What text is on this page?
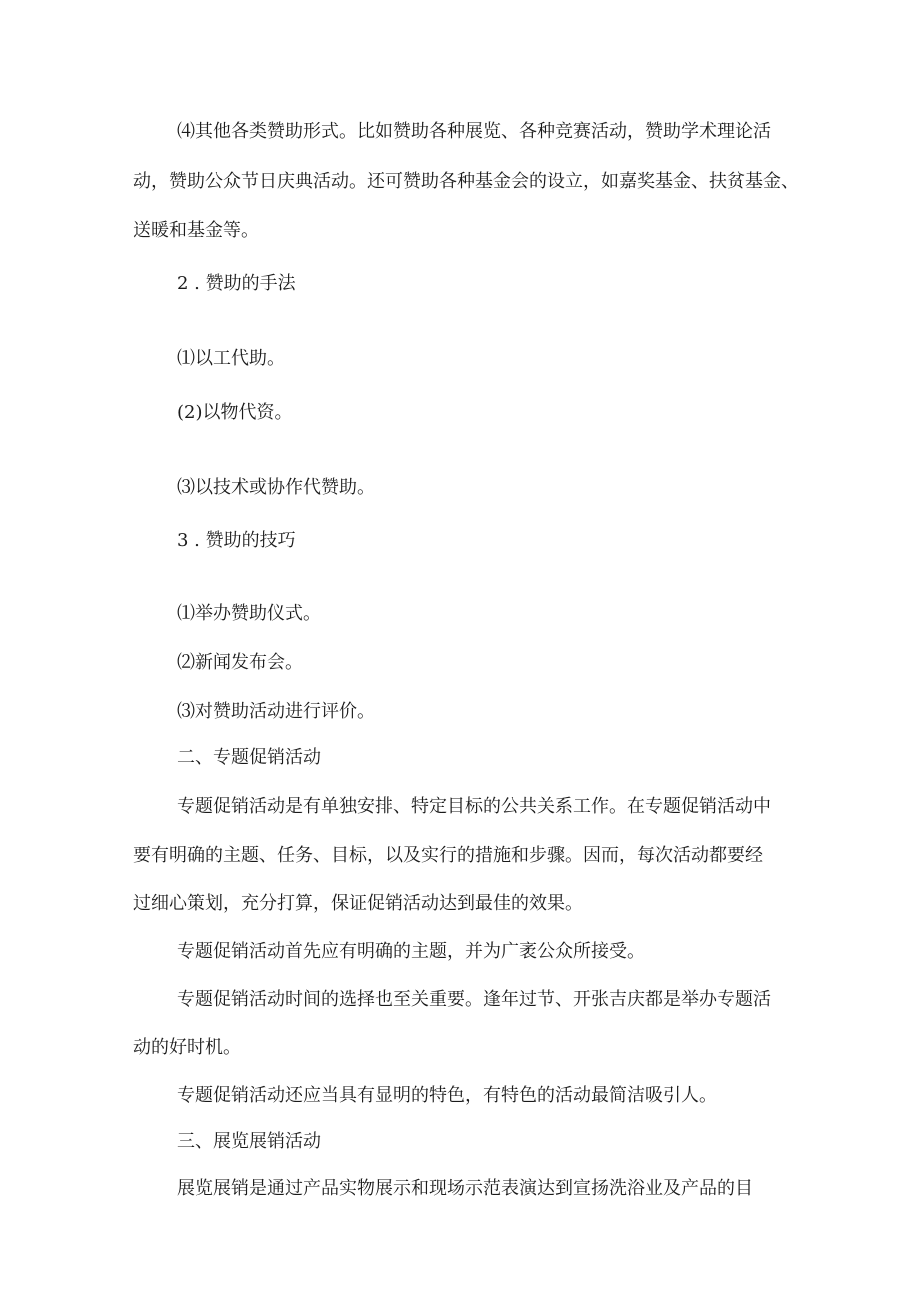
⑷其他各类赞助形式。比如赞助各种展览、各种竞赛活动，赞助学术理论活
动，赞助公众节日庆典活动。还可赞助各种基金会的设立，如嘉奖基金、扶贫基金、
送暖和基金等。
2 . 赞助的手法
⑴以工代助。
(2)以物代资。
⑶以技术或协作代赞助。
3 . 赞助的技巧
⑴举办赞助仪式。
⑵新闻发布会。
⑶对赞助活动进行评价。
二、专题促销活动
专题促销活动是有单独安排、特定目标的公共关系工作。在专题促销活动中
要有明确的主题、任务、目标，以及实行的措施和步骤。因而，每次活动都要经
过细心策划，充分打算，保证促销活动达到最佳的效果。
专题促销活动首先应有明确的主题，并为广袤公众所接受。
专题促销活动时间的选择也至关重要。逢年过节、开张吉庆都是举办专题活
动的好时机。
专题促销活动还应当具有显明的特色，有特色的活动最简洁吸引人。
三、展览展销活动
展览展销是通过产品实物展示和现场示范表演达到宣扬洗浴业及产品的目
